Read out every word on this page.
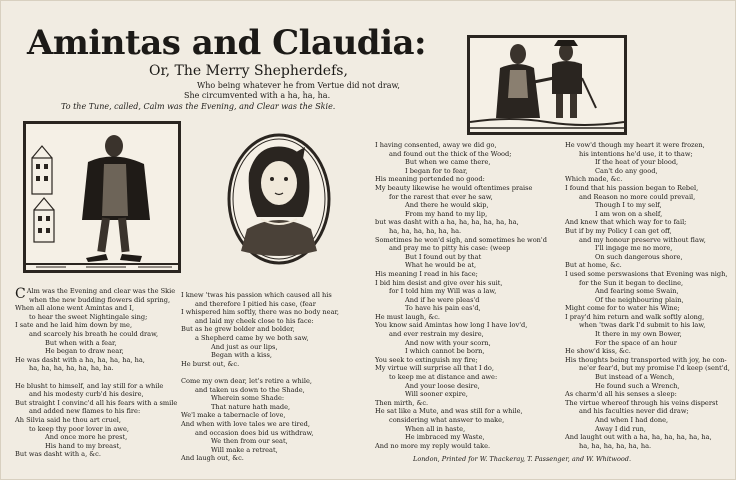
Amintas and Claudia:
Or, The Merry Shepherdefs,
Who being whatever he from Vertue did not draw,
She circumvented with a ha, ha, ha.
To the Tune, called, Calm was the Evening, and Clear was the Skie.
C Alm was the Evening and clear was the Skie
when the new budding flowers did spring,
When all alone went Amintas and I,
to hear the sweet Nightingale sing;
I sate and he laid him down by me,
and scarcely his breath he could draw,
But when with a fear,
He began to draw near,
He was dasht with a ha, ha, ha, ha, ha,
ha, ha, ha, ha, ha, ha, ha.
He blusht to himself, and lay still for a while
and his modesty curb'd his desire,
But straight I convinc'd all his fears with a smile
and added new flames to his fire:
Ah Silvia said he thou art cruel,
to keep thy poor lover in awe,
And once more he prest,
His hand to my breast,
But was dasht with a, &c.
I knew 'twas his passion which caused all his
and therefore I pitied his case, (fear
I whispered him softly, there was no body near,
and laid my cheek close to his face:
But as he grew bolder and bolder,
a Shepherd came by we both saw,
And just as our lips,
Began with a kiss,
He burst out, &c.
Come my own dear, let's retire a while,
and taken us down to the Shade,
Wherein some Shade:
That nature hath made,
We'l make a tabernacle of love,
And when with love tales we are tired,
and occasion does bid us withdraw,
We then from our seat,
Will make a retreat,
And laugh out, &c.
I having consented, away we did go,
and found out the thick of the Wood;
But when we came there,
I began for to fear,
His meaning portended no good:
My beauty likewise he would oftentimes praise
for the rarest that ever he saw,
And there he would skip,
From my hand to my lip,
but was dasht with a ha, ha, ha, ha, ha, ha,
ha, ha, ha, ha, ha, ha.
Sometimes he won'd sigh, and sometimes he won'd
and pray me to pitty his case: (weep
But I found out by that
What he would be at,
His meaning I read in his face;
I bid him desist and give over his suit,
for I told him my Will was a law,
And if he were pleas'd
To have his pain eas'd,
He must laugh, &c.
You know said Amintas how long I have lov'd,
and ever restrain my desire,
And now with your scorn,
I which cannot be born,
You seek to extinguish my fire;
My virtue will surprise all that I do,
to keep me at distance and awe:
And your loose desire,
Will sooner expire,
Then mirth, &c.
He sat like a Mute, and was still for a while,
considering what answer to make,
When all in haste,
He imbraced my Waste,
And no more my reply would take.
He vow'd though my heart it were frozen,
his intentions he'd use, it to thaw;
If the heat of your blood,
Can't do any good,
Which made, &c.
I found that his passion began to Rebel,
and Reason no more could prevail,
Though I to my self,
I am won on a shelf,
And knew that which way for to fail;
But if by my Policy I can get off,
and my honour preserve without flaw,
I'll ingage me no more,
On such dangerous shore,
But at home, &c.
I used some perswasions that Evening was nigh,
for the Sun it began to decline,
And fearing some Swain,
Of the neighbouring plain,
Might come for to water his Wine;
I pray'd him return and walk softly along,
when 'twas dark I'd submit to his law,
It there in my own Bower,
For the space of an hour
He show'd kiss, &c.
His thoughts being transported with joy, he con-
ne'er fear'd, but my promise I'd keep (sent'd,
But instead of a Wench,
He found such a Wrench,
As charm'd all his senses a sleep:
The virtue whereof through his veins disperst
and his faculties never did draw;
And when I had done,
Away I did run,
And laught out with a ha, ha, ha, ha, ha, ha,
ha, ha, ha, ha, ha, ha.
London, Printed for W. Thackeray, T. Passenger, and W. Whitwood.
